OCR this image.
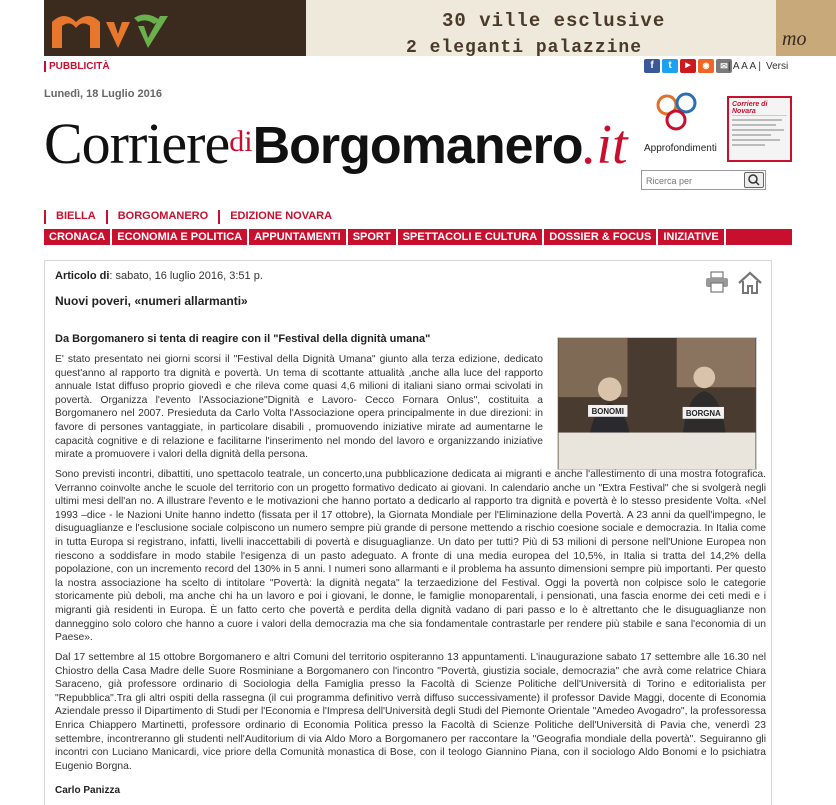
30 ville esclusive
2 eleganti palazzine	mo
PUBBLICITÀ	f	t	▶	◉	✉ | A A A | Versi
Lunedì, 18 Luglio 2016
CorrierediBorgomanero.it Approfondimenti
Corriere di Novara
Ricerca per
BIELLA	BORGOMANERO	EDIZIONE NOVARA
CRONACA	ECONOMIA E POLITICA	APPUNTAMENTI	SPORT	SPETTACOLI E CULTURA	DOSSIER & FOCUS	INIZIATIVE
Articolo di: sabato, 16 luglio 2016, 3:51 p.
Nuovi poveri, «numeri allarmanti»
Da Borgomanero si tenta di reagire con il "Festival della dignità umana"
BONOMI	BORGNA
E' stato presentato nei giorni scorsi il "Festival della Dignità Umana" giunto alla terza edizione, dedicato quest'anno al rapporto tra dignità e povertà. Un tema di scottante attualità ,anche alla luce del rapporto annuale Istat diffuso proprio giovedì e che rileva come quasi 4,6 milioni di italiani siano ormai scivolati in povertà. Organizza l'evento l'Associazione"Dignità e Lavoro- Cecco Fornara Onlus", costituita a Borgomanero nel 2007. Presieduta da Carlo Volta l'Associazione opera principalmente in due direzioni: in favore di persones vantaggiate, in particolare disabili , promuovendo iniziative mirate ad aumentarne le capacità cognitive e di relazione e facilitarne l'inserimento nel mondo del lavoro e organizzando iniziative mirate a promuovere i valori della dignità della persona.
Sono previsti incontri, dibattiti, uno spettacolo teatrale, un concerto,una pubblicazione dedicata ai migranti e anche l'allestimento di una mostra fotografica. Verranno coinvolte anche le scuole del territorio con un progetto formativo dedicato ai giovani. In calendario anche un "Extra Festival" che si svolgerà negli ultimi mesi dell'an no. A illustrare l'evento e le motivazioni che hanno portato a dedicarlo al rapporto tra dignità e povertà è lo stesso presidente Volta. «Nel 1993 –dice - le Nazioni Unite hanno indetto (fissata per il 17 ottobre), la Giornata Mondiale per l'Eliminazione della Povertà. A 23 anni da quell'impegno, le disuguaglianze e l'esclusione sociale colpiscono un numero sempre più grande di persone mettendo a rischio coesione sociale e democrazia. In Italia come in tutta Europa si registrano, infatti, livelli inaccettabili di povertà e disuguaglianze. Un dato per tutti? Più di 53 milioni di persone nell'Unione Europea non riescono a soddisfare in modo stabile l'esigenza di un pasto adeguato. A fronte di una media europea del 10,5%, in Italia si tratta del 14,2% della popolazione, con un incremento record del 130% in 5 anni. I numeri sono allarmanti e il problema ha assunto dimensioni sempre più importanti. Per questo la nostra associazione ha scelto di intitolare "Povertà: la dignità negata" la terzaedizione del Festival. Oggi la povertà non colpisce solo le categorie storicamente più deboli, ma anche chi ha un lavoro e poi i giovani, le donne, le famiglie monoparentali, i pensionati, una fascia enorme dei ceti medi e i migranti già residenti in Europa. È un fatto certo che povertà e perdita della dignità vadano di pari passo e lo è altrettanto che le disuguaglianze non danneggino solo coloro che hanno a cuore i valori della democrazia ma che sia fondamentale contrastarle per rendere più stabile e sana l'economia di un Paese».
Dal 17 settembre al 15 ottobre Borgomanero e altri Comuni del territorio ospiteranno 13 appuntamenti. L'inaugurazione sabato 17 settembre alle 16.30 nel Chiostro della Casa Madre delle Suore Rosminiane a Borgomanero con l'incontro "Povertà, giustizia sociale, democrazia" che avrà come relatrice Chiara Saraceno, già professore ordinario di Sociologia della Famiglia presso la Facoltà di Scienze Politiche dell'Università di Torino e editorialista per "Repubblica".Tra gli altri ospiti della rassegna (il cui programma definitivo verrà diffuso successivamente) il professor Davide Maggi, docente di Economia Aziendale presso il Dipartimento di Studi per l'Economia e l'Impresa dell'Università degli Studi del Piemonte Orientale "Amedeo Avogadro", la professoressa Enrica Chiappero Martinetti, professore ordinario di Economia Politica presso la Facoltà di Scienze Politiche dell'Università di Pavia che, venerdì 23 settembre, incontreranno gli studenti nell'Auditorium di via Aldo Moro a Borgomanero per raccontare la "Geografia mondiale della povertà". Seguiranno gli incontri con Luciano Manicardi, vice priore della Comunità monastica di Bose, con il teologo Giannino Piana, con il sociologo Aldo Bonomi e lo psichiatra Eugenio Borgna.
Carlo Panizza
